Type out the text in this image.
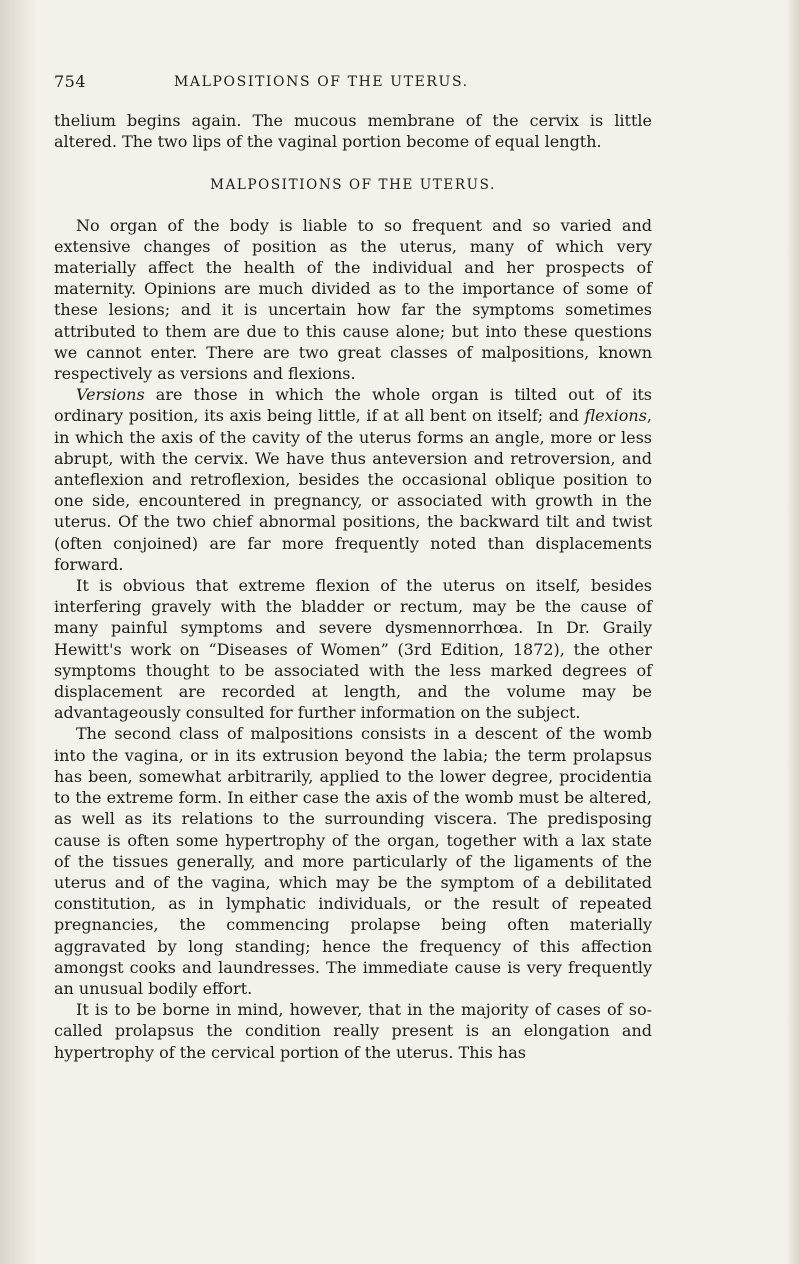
754	MALPOSITIONS OF THE UTERUS.

thelium begins again. The mucous membrane of the cervix is little altered. The two lips of the vaginal portion become of equal length.

MALPOSITIONS OF THE UTERUS.

No organ of the body is liable to so frequent and so varied and extensive changes of position as the uterus, many of which very materially affect the health of the individual and her prospects of maternity. Opinions are much divided as to the importance of some of these lesions; and it is uncertain how far the symptoms sometimes attributed to them are due to this cause alone; but into these questions we cannot enter. There are two great classes of malpositions, known respectively as versions and flexions.

Versions are those in which the whole organ is tilted out of its ordinary position, its axis being little, if at all bent on itself; and flexions, in which the axis of the cavity of the uterus forms an angle, more or less abrupt, with the cervix. We have thus anteversion and retroversion, and anteflexion and retroflexion, besides the occasional oblique position to one side, encountered in pregnancy, or associated with growth in the uterus. Of the two chief abnormal positions, the backward tilt and twist (often conjoined) are far more frequently noted than displacements forward.

It is obvious that extreme flexion of the uterus on itself, besides interfering gravely with the bladder or rectum, may be the cause of many painful symptoms and severe dysmennorrhœa. In Dr. Graily Hewitt's work on “Diseases of Women” (3rd Edition, 1872), the other symptoms thought to be associated with the less marked degrees of displacement are recorded at length, and the volume may be advantageously consulted for further information on the subject.

The second class of malpositions consists in a descent of the womb into the vagina, or in its extrusion beyond the labia; the term prolapsus has been, somewhat arbitrarily, applied to the lower degree, procidentia to the extreme form. In either case the axis of the womb must be altered, as well as its relations to the surrounding viscera. The predisposing cause is often some hypertrophy of the organ, together with a lax state of the tissues generally, and more particularly of the ligaments of the uterus and of the vagina, which may be the symptom of a debilitated constitution, as in lymphatic individuals, or the result of repeated pregnancies, the commencing prolapse being often materially aggravated by long standing; hence the frequency of this affection amongst cooks and laundresses. The immediate cause is very frequently an unusual bodily effort.

It is to be borne in mind, however, that in the majority of cases of so-called prolapsus the condition really present is an elongation and hypertrophy of the cervical portion of the uterus. This has
